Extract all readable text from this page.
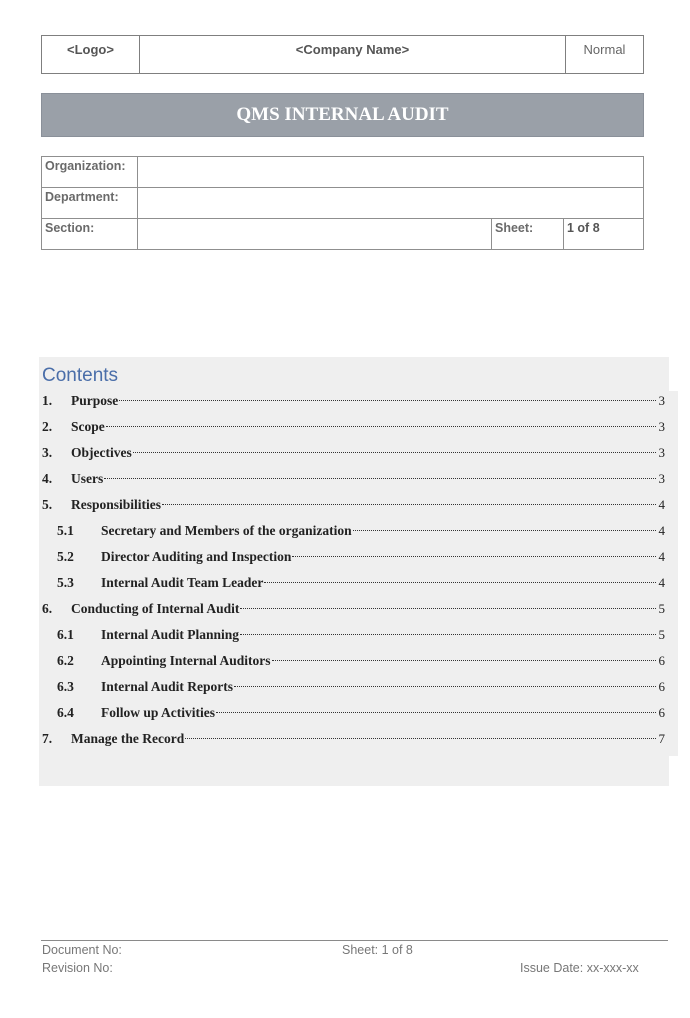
<Logo>	<Company Name>	Normal
QMS INTERNAL AUDIT
Organization:			
Department:			
Section:		Sheet:	1 of 8
Contents
1.	Purpose	3
2.	Scope	3
3.	Objectives	3
4.	Users	3
5.	Responsibilities	4
5.1	Secretary and Members of the organization	4
5.2	Director Auditing and Inspection	4
5.3	Internal Audit Team Leader	4
6.	Conducting of Internal Audit	5
6.1	Internal Audit Planning	5
6.2	Appointing Internal Auditors	6
6.3	Internal Audit Reports	6
6.4	Follow up Activities	6
7.	Manage the Record	7
Document No:
Revision No:
Sheet: 1 of 8
Issue Date: xx-xxx-xx
